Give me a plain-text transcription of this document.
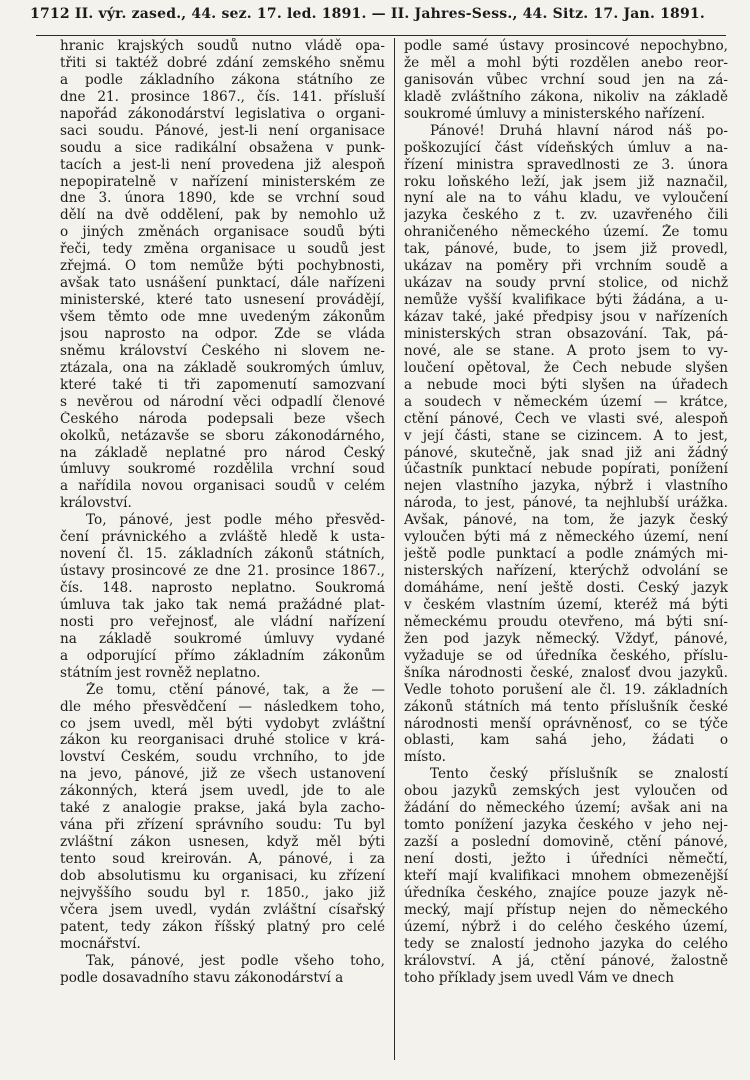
1712 II. výr. zased., 44. sez. 17. led. 1891. — II. Jahres-Sess., 44. Sitz. 17. Jan. 1891.
hranic krajských soudů nutno vládě opa-
třiti si taktéž dobré zdání zemského sněmu
a podle základního zákona státního ze
dne 21. prosince 1867., čís. 141. přísluší
napořád zákonodárství legislativa o organi-
saci soudu. Pánové, jest-li není organisace
soudu a sice radikální obsažena v punk-
tacích a jest-li není provedena již alespoň
nepopiratelně v nařízení ministerském ze
dne 3. února 1890, kde se vrchní soud
dělí na dvě oddělení, pak by nemohlo už
o jiných změnách organisace soudů býti
řeči, tedy změna organisace u soudů jest
zřejmá. O tom nemůže býti pochybnosti,
avšak tato usnášení punktací, dále nařízeni
ministerské, které tato usnesení provádějí,
všem těmto ode mne uvedeným zákonům
jsou naprosto na odpor. Zde se vláda
sněmu království Českého ni slovem ne-
ztázala, ona na základě soukromých úmluv,
které také ti tři zapomenutí samozvaní
s nevěrou od národní věci odpadlí členové
Českého národa podepsali beze všech
okolků, netázavše se sboru zákonodárného,
na základě neplatné pro národ Český
úmluvy soukromé rozdělila vrchní soud
a nařídila novou organisaci soudů v celém
království.
To, pánové, jest podle mého přesvěd-
čení právnického a zvláště hledě k usta-
novení čl. 15. základních zákonů státních,
ústavy prosincové ze dne 21. prosince 1867.,
čís. 148. naprosto neplatno. Soukromá
úmluva tak jako tak nemá pražádné plat-
nosti pro veřejnosť, ale vládní nařízení
na základě soukromé úmluvy vydané
a odporující přímo základním zákonům
státním jest rovněž neplatno.
Že tomu, ctění pánové, tak, a že —
dle mého přesvědčení — následkem toho,
co jsem uvedl, měl býti vydobyt zvláštní
zákon ku reorganisaci druhé stolice v krá-
lovství Českém, soudu vrchního, to jde
na jevo, pánové, již ze všech ustanovení
zákonných, která jsem uvedl, jde to ale
také z analogie prakse, jaká byla zacho-
vána při zřízení správního soudu: Tu byl
zvláštní zákon usnesen, když měl býti
tento soud kreirován. A, pánové, i za
dob absolutismu ku organisaci, ku zřízení
nejvyššího soudu byl r. 1850., jako již
včera jsem uvedl, vydán zvláštní císařský
patent, tedy zákon říšský platný pro celé
mocnářství.
Tak, pánové, jest podle všeho toho,
podle dosavadního stavu zákonodárství a
podle samé ústavy prosincové nepochybno,
že měl a mohl býti rozdělen anebo reor-
ganisován vůbec vrchní soud jen na zá-
kladě zvláštního zákona, nikoliv na základě
soukromé úmluvy a ministerského nařízení.
Pánové! Druhá hlavní národ náš po-
poškozující část vídeňských úmluv a na-
řízení ministra spravedlnosti ze 3. února
roku loňského leží, jak jsem již naznačil,
nyní ale na to váhu kladu, ve vyloučení
jazyka českého z t. zv. uzavřeného čili
ohraničeného německého území. Že tomu
tak, pánové, bude, to jsem již provedl,
ukázav na poměry při vrchním soudě a
ukázav na soudy první stolice, od nichž
nemůže vyšší kvalifikace býti žádána, a u-
kázav také, jaké předpisy jsou v nařízeních
ministerských stran obsazování. Tak, pá-
nové, ale se stane. A proto jsem to vy-
loučení opětoval, že Čech nebude slyšen
a nebude moci býti slyšen na úřadech
a soudech v německém území — krátce,
ctění pánové, Čech ve vlasti své, alespoň
v její části, stane se cizincem. A to jest,
pánové, skutečně, jak snad již ani žádný
účastník punktací nebude popírati, ponížení
nejen vlastního jazyka, nýbrž i vlastního
národa, to jest, pánové, ta nejhlubší urážka.
Avšak, pánové, na tom, že jazyk český
vyloučen býti má z německého území, není
ještě podle punktací a podle známých mi-
nisterských nařízení, kterýchž odvolání se
domáháme, není ještě dosti. Český jazyk
v českém vlastním území, kteréž má býti
německému proudu otevřeno, má býti sní-
žen pod jazyk německý. Vždyť, pánové,
vyžaduje se od úředníka českého, příslu-
šníka národnosti české, znalosť dvou jazyků.
Vedle tohoto porušení ale čl. 19. základních
zákonů státních má tento příslušník české
národnosti menší oprávněnosť, co se týče
oblasti, kam sahá jeho, žádati o
místo.
Tento český příslušník se znalostí
obou jazyků zemských jest vyloučen od
žádání do německého území; avšak ani na
tomto ponížení jazyka českého v jeho nej-
zazší a poslední domovině, ctění pánové,
není dosti, ježto i úředníci němečtí,
kteří mají kvalifikaci mnohem obmezenější
úředníka českého, znajíce pouze jazyk ně-
mecký, mají přístup nejen do německého
území, nýbrž i do celého českého území,
tedy se znalostí jednoho jazyka do celého
království. A já, ctění pánové, žalostně
toho příklady jsem uvedl Vám ve dnech
